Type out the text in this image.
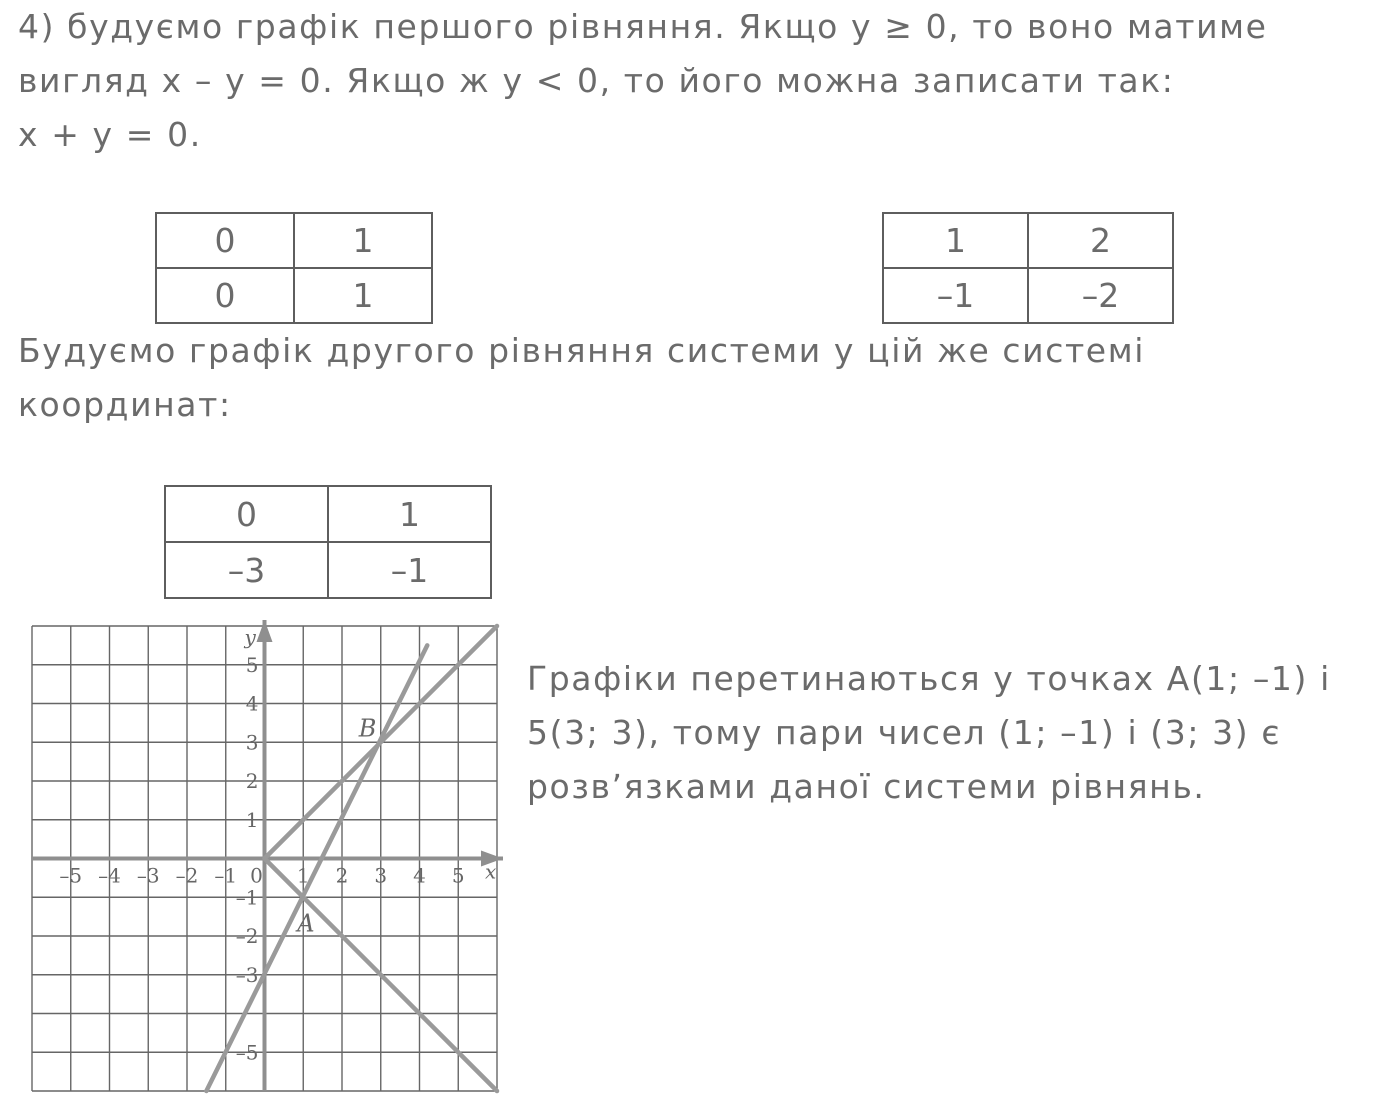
4) будуємо графік першого рівняння. Якщо у ≥ 0, то воно матиме
вигляд х – у = 0. Якщо ж у < 0, то його можна записати так:
х + у = 0.

0	1
0	1
1	2
–1	–2

Будуємо графік другого рівняння системи у цій же системі
координат:

0	1
–3	–1
x
y
–5 –4 –3 –2 –1 0 1 2 3 4 5
5
4
3
2
1
–1
–2
–3
–5
A
B

Графіки перетинаються у точках А(1; –1) і
5(3; 3), тому пари чисел (1; –1) і (3; 3) є
розв’язками даної системи рівнянь.
